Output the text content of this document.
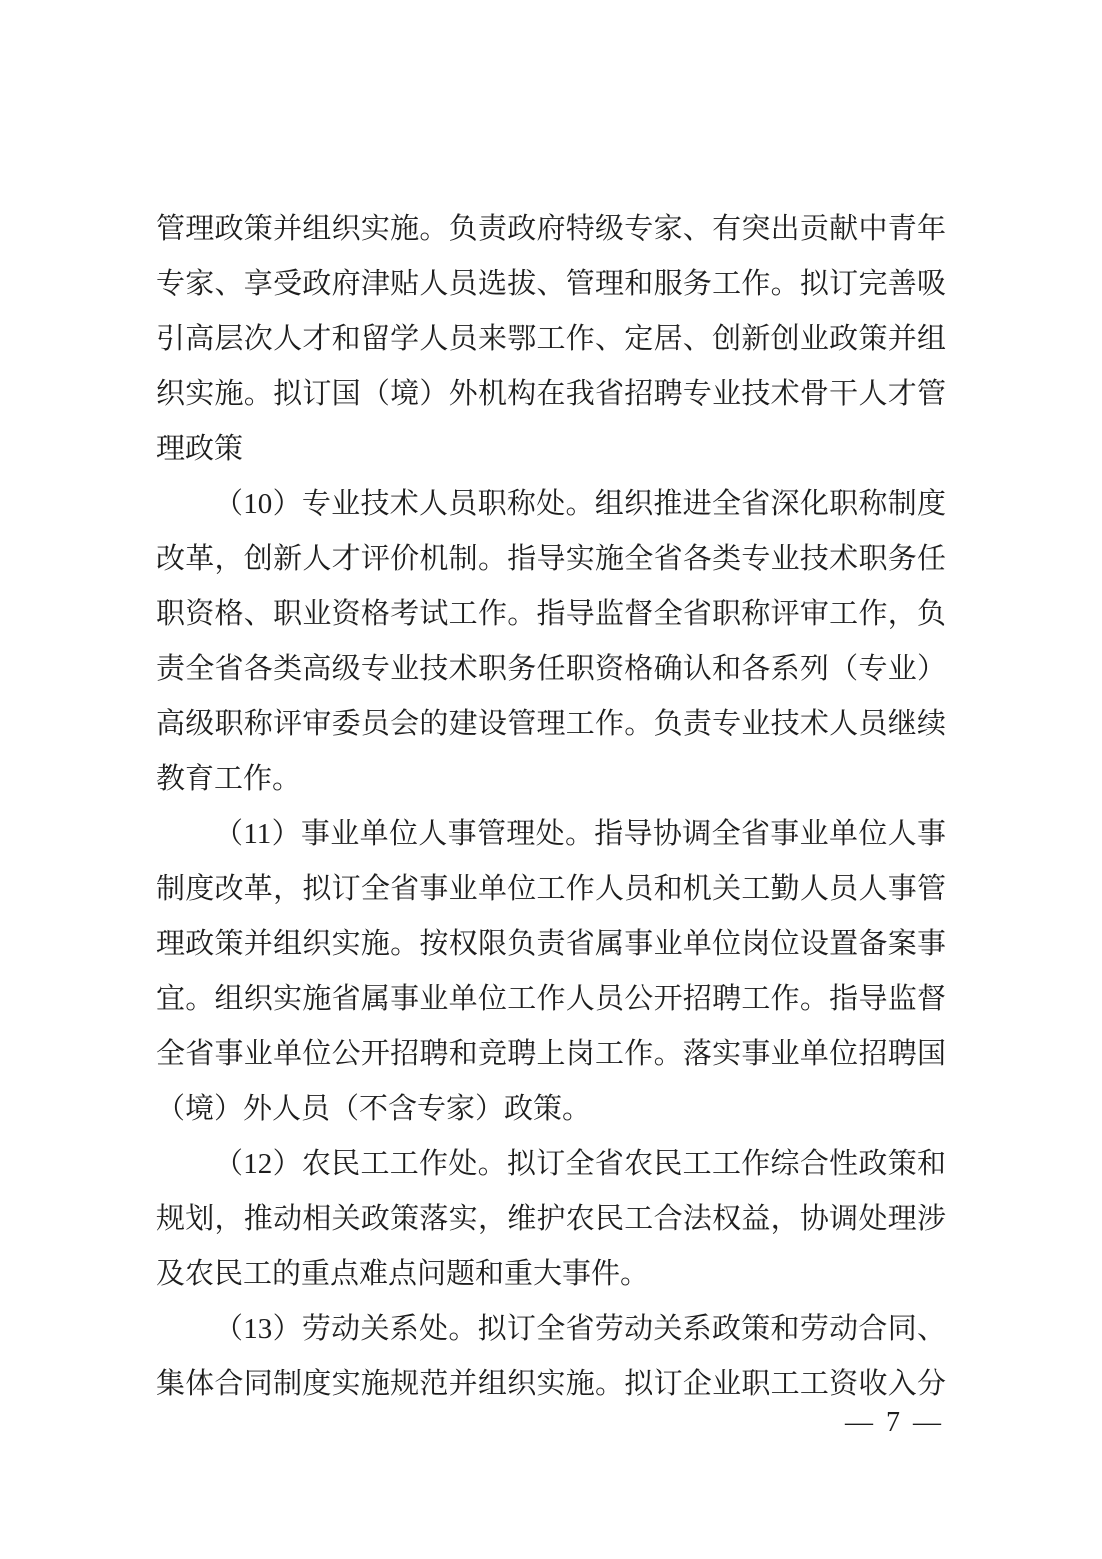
管理政策并组织实施。负责政府特级专家、有突出贡献中青年
专家、享受政府津贴人员选拔、管理和服务工作。拟订完善吸
引高层次人才和留学人员来鄂工作、定居、创新创业政策并组
织实施。拟订国（境）外机构在我省招聘专业技术骨干人才管
理政策
（10）专业技术人员职称处。组织推进全省深化职称制度
改革，创新人才评价机制。指导实施全省各类专业技术职务任
职资格、职业资格考试工作。指导监督全省职称评审工作，负
责全省各类高级专业技术职务任职资格确认和各系列（专业）
高级职称评审委员会的建设管理工作。负责专业技术人员继续
教育工作。
（11）事业单位人事管理处。指导协调全省事业单位人事
制度改革，拟订全省事业单位工作人员和机关工勤人员人事管
理政策并组织实施。按权限负责省属事业单位岗位设置备案事
宜。组织实施省属事业单位工作人员公开招聘工作。指导监督
全省事业单位公开招聘和竞聘上岗工作。落实事业单位招聘国
（境）外人员（不含专家）政策。
（12）农民工工作处。拟订全省农民工工作综合性政策和
规划，推动相关政策落实，维护农民工合法权益，协调处理涉
及农民工的重点难点问题和重大事件。
（13）劳动关系处。拟订全省劳动关系政策和劳动合同、
集体合同制度实施规范并组织实施。拟订企业职工工资收入分
— 7 —
